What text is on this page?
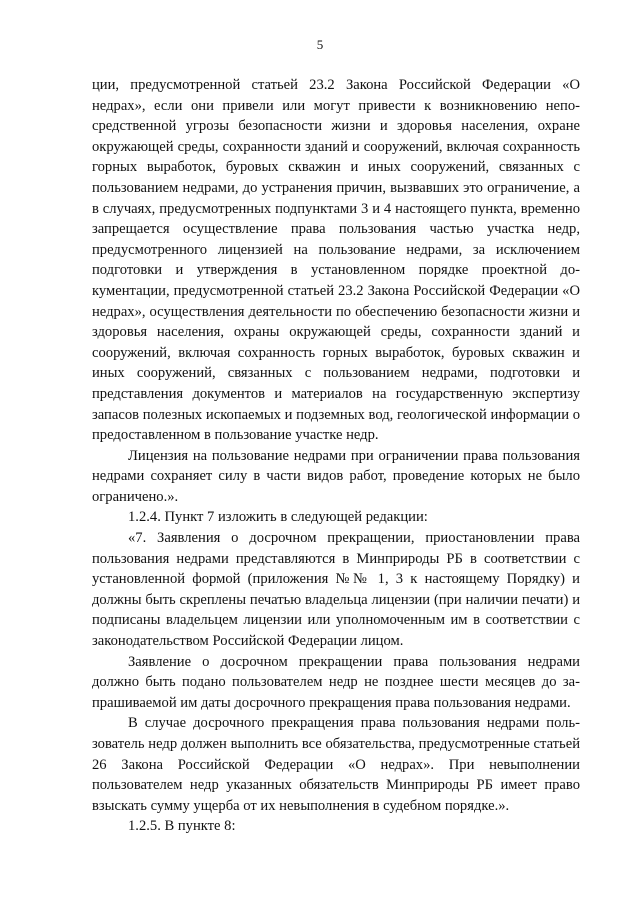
5

ции, предусмотренной статьей 23.2 Закона Российской Федерации «О недрах», если они привели или могут привести к возникновению непосредственной угрозы безопасности жизни и здоровья населения, охране окружающей среды, сохранности зданий и сооружений, включая сохранность горных выработок, буровых скважин и иных сооружений, связанных с пользованием недрами, до устранения причин, вызвавших это ограничение, а в случаях, предусмотренных подпунктами 3 и 4 настоящего пункта, временно запрещается осуществление права пользования частью участка недр, предусмотренного лицензией на пользование недрами, за исключением подготовки и утверждения в установленном порядке проектной документации, предусмотренной статьей 23.2 Закона Российской Федерации «О недрах», осуществления деятельности по обеспечению безопасности жизни и здоровья населения, охраны окружающей среды, сохранности зданий и сооружений, включая сохранность горных выработок, буровых скважин и иных сооружений, связанных с пользованием недрами, подготовки и представления документов и материалов на государственную экспертизу запасов полезных ископаемых и подземных вод, геологической информации о предоставленном в пользование участке недр.

Лицензия на пользование недрами при ограничении права пользования недрами сохраняет силу в части видов работ, проведение которых не было ограничено.».

1.2.4. Пункт 7 изложить в следующей редакции:

«7. Заявления о досрочном прекращении, приостановлении права пользования недрами представляются в Минприроды РБ в соответствии с установленной формой (приложения №№ 1, 3 к настоящему Порядку) и должны быть скреплены печатью владельца лицензии (при наличии печати) и подписаны владельцем лицензии или уполномоченным им в соответствии с законодательством Российской Федерации лицом.

Заявление о досрочном прекращении права пользования недрами должно быть подано пользователем недр не позднее шести месяцев до запрашиваемой им даты досрочного прекращения права пользования недрами.

В случае досрочного прекращения права пользования недрами пользователь недр должен выполнить все обязательства, предусмотренные статьей 26 Закона Российской Федерации «О недрах». При невыполнении пользователем недр указанных обязательств Минприроды РБ имеет право взыскать сумму ущерба от их невыполнения в судебном порядке.».

1.2.5. В пункте 8:
